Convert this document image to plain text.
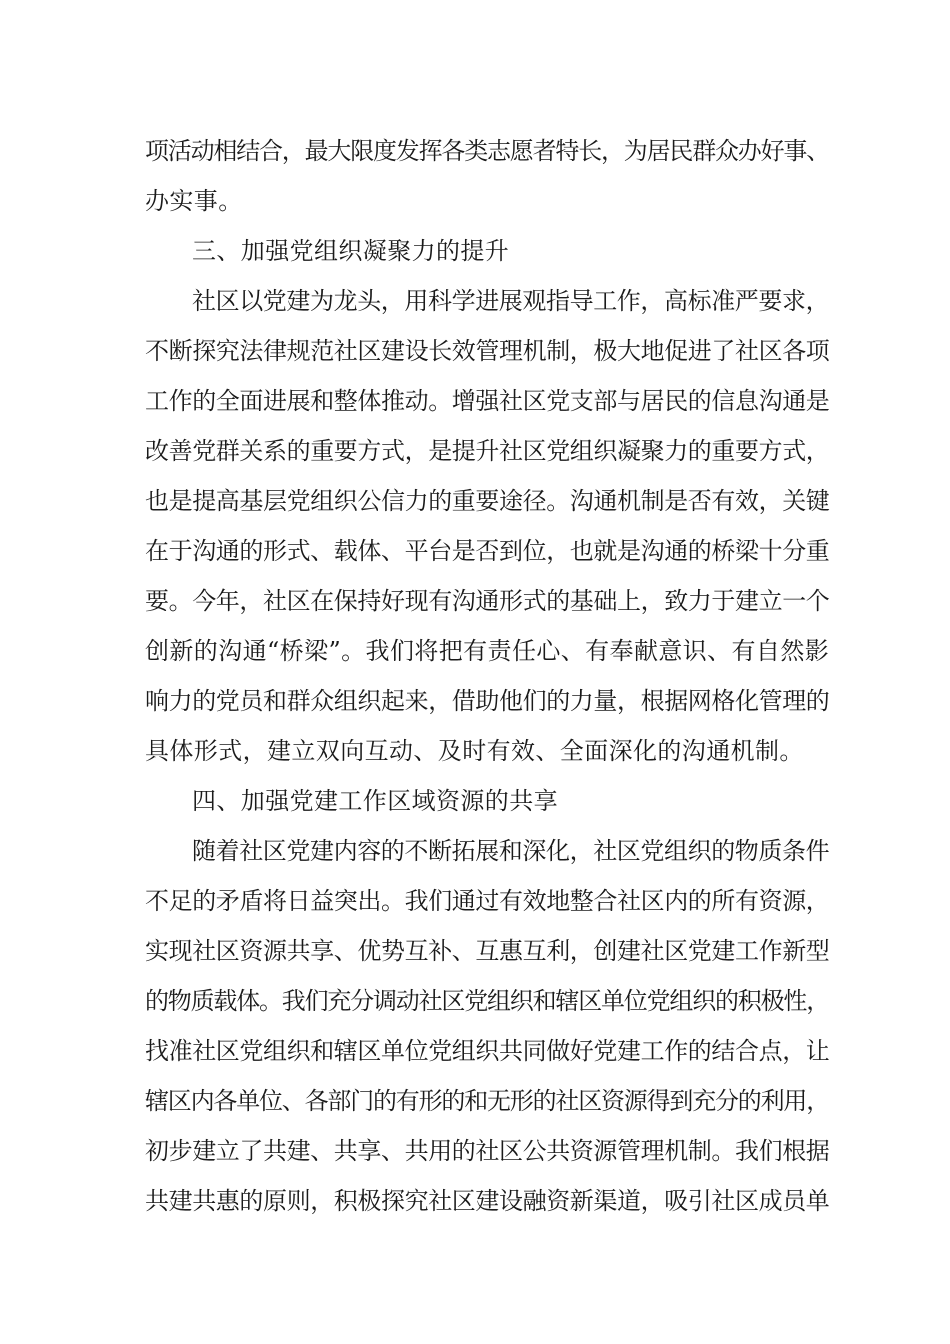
项活动相结合，最大限度发挥各类志愿者特长，为居民群众办好事、
办实事。
三、加强党组织凝聚力的提升
社区以党建为龙头，用科学进展观指导工作，高标准严要求，
不断探究法律规范社区建设长效管理机制，极大地促进了社区各项
工作的全面进展和整体推动。增强社区党支部与居民的信息沟通是
改善党群关系的重要方式，是提升社区党组织凝聚力的重要方式，
也是提高基层党组织公信力的重要途径。沟通机制是否有效，关键
在于沟通的形式、载体、平台是否到位，也就是沟通的桥梁十分重
要。今年，社区在保持好现有沟通形式的基础上，致力于建立一个
创新的沟通“桥梁”。我们将把有责任心、有奉献意识、有自然影
响力的党员和群众组织起来，借助他们的力量，根据网格化管理的
具体形式，建立双向互动、及时有效、全面深化的沟通机制。
四、加强党建工作区域资源的共享
随着社区党建内容的不断拓展和深化，社区党组织的物质条件
不足的矛盾将日益突出。我们通过有效地整合社区内的所有资源，
实现社区资源共享、优势互补、互惠互利，创建社区党建工作新型
的物质载体。我们充分调动社区党组织和辖区单位党组织的积极性，
找准社区党组织和辖区单位党组织共同做好党建工作的结合点，让
辖区内各单位、各部门的有形的和无形的社区资源得到充分的利用，
初步建立了共建、共享、共用的社区公共资源管理机制。我们根据
共建共惠的原则，积极探究社区建设融资新渠道，吸引社区成员单
